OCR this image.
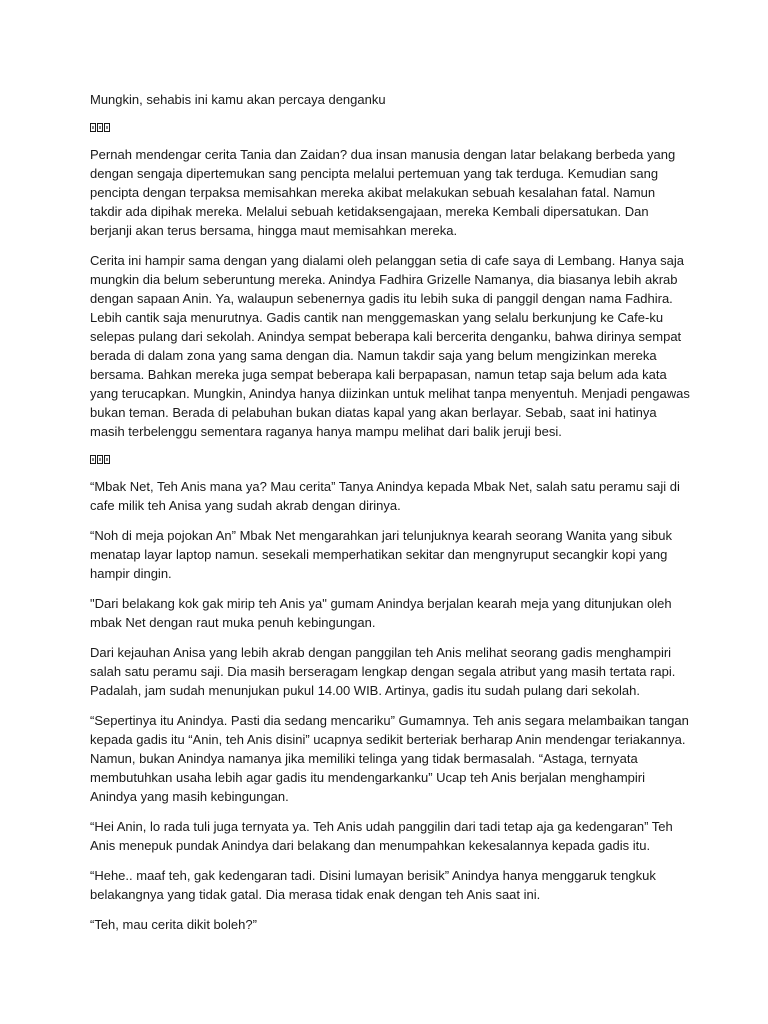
Mungkin, sehabis ini kamu akan percaya denganku

Pernah mendengar cerita Tania dan Zaidan? dua insan manusia dengan latar belakang berbeda yang dengan sengaja dipertemukan sang pencipta melalui pertemuan yang tak terduga. Kemudian sang pencipta dengan terpaksa memisahkan mereka akibat melakukan sebuah kesalahan fatal. Namun takdir ada dipihak mereka. Melalui sebuah ketidaksengajaan, mereka Kembali dipersatukan. Dan berjanji akan terus bersama, hingga maut memisahkan mereka.

Cerita ini hampir sama dengan yang dialami oleh pelanggan setia di cafe saya di Lembang. Hanya saja mungkin dia belum seberuntung mereka. Anindya Fadhira Grizelle Namanya, dia biasanya lebih akrab dengan sapaan Anin. Ya, walaupun sebenernya gadis itu lebih suka di panggil dengan nama Fadhira. Lebih cantik saja menurutnya. Gadis cantik nan menggemaskan yang selalu berkunjung ke Cafe-ku selepas pulang dari sekolah. Anindya sempat beberapa kali bercerita denganku, bahwa dirinya sempat berada di dalam zona yang sama dengan dia. Namun takdir saja yang belum mengizinkan mereka bersama. Bahkan mereka juga sempat beberapa kali berpapasan, namun tetap saja belum ada kata yang terucapkan. Mungkin, Anindya hanya diizinkan untuk melihat tanpa menyentuh. Menjadi pengawas bukan teman. Berada di pelabuhan bukan diatas kapal yang akan berlayar. Sebab, saat ini hatinya masih terbelenggu sementara raganya hanya mampu melihat dari balik jeruji besi.

“Mbak Net, Teh Anis mana ya? Mau cerita” Tanya Anindya kepada Mbak Net, salah satu peramu saji di cafe milik teh Anisa yang sudah akrab dengan dirinya.

“Noh di meja pojokan An” Mbak Net mengarahkan jari telunjuknya kearah seorang Wanita yang sibuk menatap layar laptop namun. sesekali memperhatikan sekitar dan mengnyruput secangkir kopi yang hampir dingin.

"Dari belakang kok gak mirip teh Anis ya" gumam Anindya berjalan kearah meja yang ditunjukan oleh mbak Net dengan raut muka penuh kebingungan.

Dari kejauhan Anisa yang lebih akrab dengan panggilan teh Anis melihat seorang gadis menghampiri salah satu peramu saji. Dia masih berseragam lengkap dengan segala atribut yang masih tertata rapi. Padalah, jam sudah menunjukan pukul 14.00 WIB. Artinya, gadis itu sudah pulang dari sekolah.

“Sepertinya itu Anindya. Pasti dia sedang mencariku” Gumamnya. Teh anis segara melambaikan tangan kepada gadis itu “Anin, teh Anis disini” ucapnya sedikit berteriak berharap Anin mendengar teriakannya. Namun, bukan Anindya namanya jika memiliki telinga yang tidak bermasalah. “Astaga, ternyata membutuhkan usaha lebih agar gadis itu mendengarkanku” Ucap teh Anis berjalan menghampiri Anindya yang masih kebingungan.

“Hei Anin, lo rada tuli juga ternyata ya. Teh Anis udah panggilin dari tadi tetap aja ga kedengaran” Teh Anis menepuk pundak Anindya dari belakang dan menumpahkan kekesalannya kepada gadis itu.

“Hehe.. maaf teh, gak kedengaran tadi. Disini lumayan berisik” Anindya hanya menggaruk tengkuk belakangnya yang tidak gatal. Dia merasa tidak enak dengan teh Anis saat ini.

“Teh, mau cerita dikit boleh?”
